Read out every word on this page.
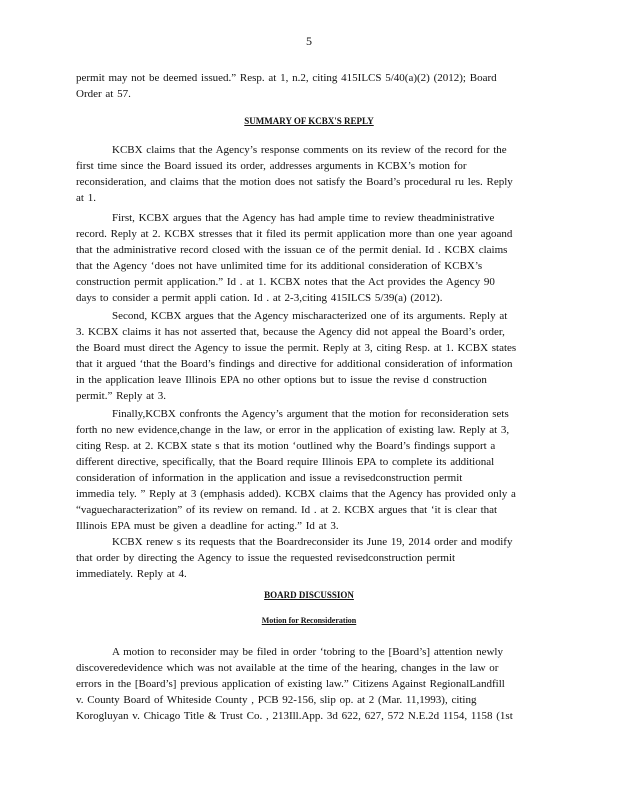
5
permit may not be deemed issued.” Resp. at 1, n.2, citing 415ILCS 5/40(a)(2) (2012); Board
Order at 57.
SUMMARY OF KCBX'S REPLY
KCBX claims that the Agency’s response comments on its review of the record for the
first time since the Board issued its order, addresses arguments in KCBX’s motion for
reconsideration, and claims that the motion does not satisfy the Board’s procedural ru les. Reply
at 1.
First, KCBX argues that the Agency has had ample time to review theadministrative
record. Reply at 2. KCBX stresses that it filed its permit application more than one year agoand
that the administrative record closed with the issuan ce of the permit denial. Id . KCBX claims
that the Agency ‘does not have unlimited time for its additional consideration of KCBX’s
construction permit application.” Id . at 1. KCBX notes that the Act provides the Agency 90
days to consider a permit appli cation. Id . at 2-3,citing 415ILCS 5/39(a) (2012).
Second, KCBX argues that the Agency mischaracterized one of its arguments. Reply at
3. KCBX claims it has not asserted that, because the Agency did not appeal the Board’s order,
the Board must direct the Agency to issue the permit. Reply at 3, citing Resp. at 1. KCBX states
that it argued ‘that the Board’s findings and directive for additional consideration of information
in the application leave Illinois EPA no other options but to issue the revise d construction
permit.” Reply at 3.
Finally,KCBX confronts the Agency’s argument that the motion for reconsideration sets
forth no new evidence,change in the law, or error in the application of existing law. Reply at 3,
citing Resp. at 2. KCBX state s that its motion ‘outlined why the Board’s findings support a
different directive, specifically, that the Board require Illinois EPA to complete its additional
consideration of information in the application and issue a revisedconstruction permit
immedia tely. ” Reply at 3 (emphasis added). KCBX claims that the Agency has provided only a
“vaguecharacterization” of its review on remand. Id . at 2. KCBX argues that ‘it is clear that
Illinois EPA must be given a deadline for acting.” Id at 3.
KCBX renew s its requests that the Boardreconsider its June 19, 2014 order and modify
that order by directing the Agency to issue the requested revisedconstruction permit
immediately. Reply at 4.
BOARD DISCUSSION
Motion for Reconsideration
A motion to reconsider may be filed in order ‘tobring to the [Board’s] attention newly
discoveredevidence which was not available at the time of the hearing, changes in the law or
errors in the [Board’s] previous application of existing law.” Citizens Against RegionalLandfill
v. County Board of Whiteside County , PCB 92-156, slip op. at 2 (Mar. 11,1993), citing
Korogluyan v. Chicago Title & Trust Co. , 213Ill.App. 3d 622, 627, 572 N.E.2d 1154, 1158 (1st
